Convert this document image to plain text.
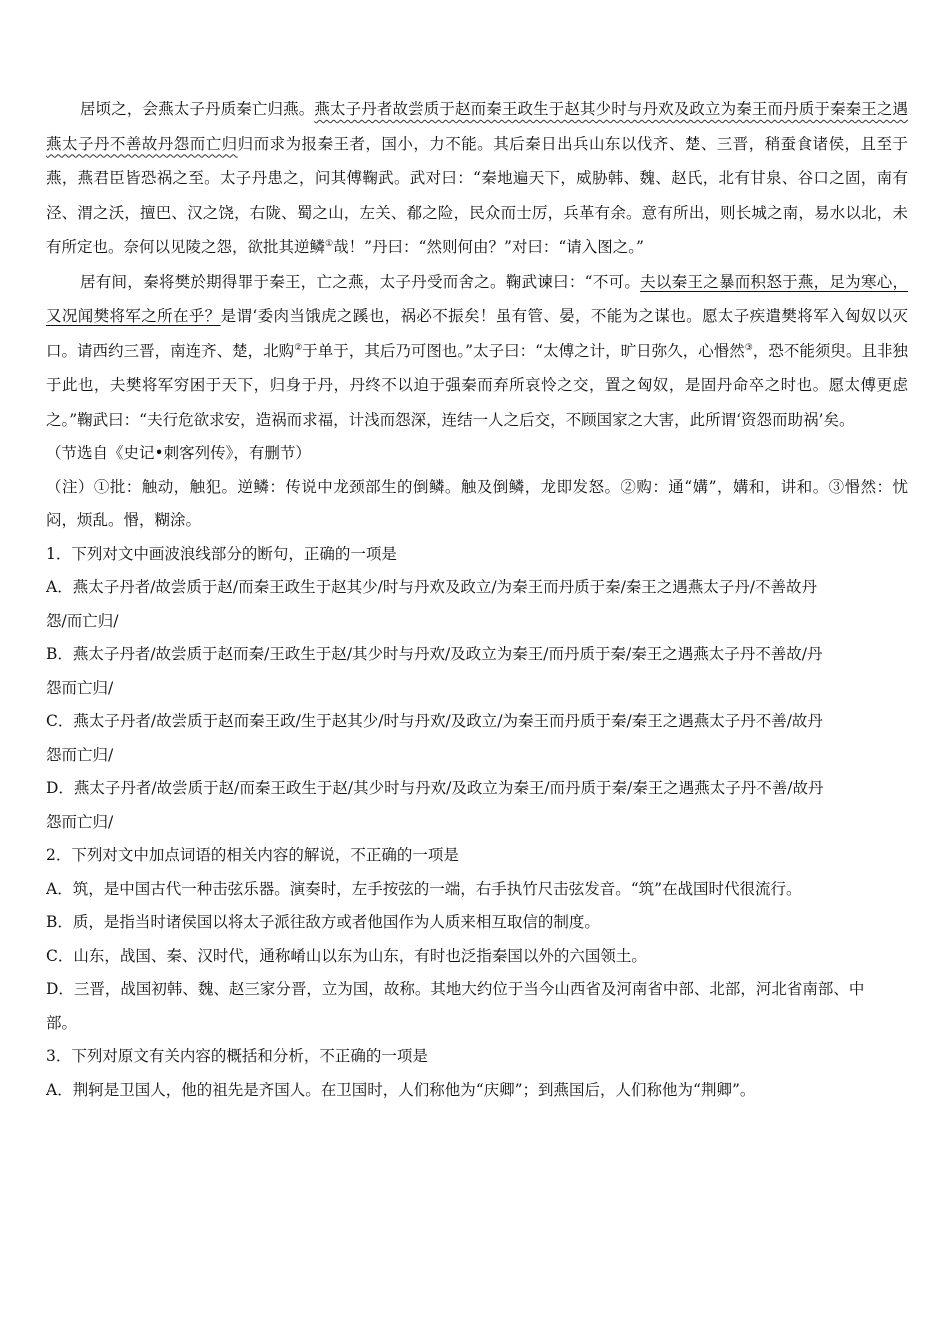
居顷之，会燕太子丹质秦亡归燕。燕太子丹者故尝质于赵而秦王政生于赵其少时与丹欢及政立为秦王而丹质于秦秦王之遇燕太子丹不善故丹怨而亡归归而求为报秦王者，国小，力不能。其后秦日出兵山东以伐齐、楚、三晋，稍蚕食诸侯，且至于燕，燕君臣皆恐祸之至。太子丹患之，问其傅鞠武。武对曰：“秦地遍天下，威胁韩、魏、赵氏，北有甘泉、谷口之固，南有泾、渭之沃，擅巴、汉之饶，右陇、蜀之山，左关、郩之险，民众而士厉，兵革有余。意有所出，则长城之南，易水以北，未有所定也。奈何以见陵之怨，欲批其逆鳞①哉！”丹曰：“然则何由？”对曰：“请入图之。”
居有间，秦将樊於期得罪于秦王，亡之燕，太子丹受而舍之。鞠武谏曰：“不可。夫以秦王之暴而积怒于燕，足为寒心，又况闻樊将军之所在乎？是谓‘委肉当饿虎之蹊也，祸必不振矣！虽有管、晏，不能为之谋也。愿太子疾遣樊将军入匈奴以灭口。请西约三晋，南连齐、楚，北购②于单于，其后乃可图也。”太子曰：“太傅之计，旷日弥久，心惽然③，恐不能须臾。且非独于此也，夫樊将军穷困于天下，归身于丹，丹终不以迫于强秦而弃所哀怜之交，置之匈奴，是固丹命卒之时也。愿太傅更虑之。”鞠武曰：“夫行危欲求安，造祸而求福，计浅而怨深，连结一人之后交，不顾国家之大害，此所谓‘资怨而助祸’矣。
（节选自《史记•刺客列传》，有删节）
（注）①批：触动，触犯。逆鳞：传说中龙颈部生的倒鳞。触及倒鳞，龙即发怒。②购：通“媾”，媾和，讲和。③惽然：忧闷，烦乱。惽，糊涂。
1．下列对文中画波浪线部分的断句，正确的一项是
A．燕太子丹者/故尝质于赵/而秦王政生于赵其少/时与丹欢及政立/为秦王而丹质于秦/秦王之遇燕太子丹/不善故丹
怨/而亡归/
B．燕太子丹者/故尝质于赵而秦/王政生于赵/其少时与丹欢/及政立为秦王/而丹质于秦/秦王之遇燕太子丹不善故/丹
怨而亡归/
C．燕太子丹者/故尝质于赵而秦王政/生于赵其少/时与丹欢/及政立/为秦王而丹质于秦/秦王之遇燕太子丹不善/故丹
怨而亡归/
D．燕太子丹者/故尝质于赵/而秦王政生于赵/其少时与丹欢/及政立为秦王/而丹质于秦/秦王之遇燕太子丹不善/故丹
怨而亡归/
2．下列对文中加点词语的相关内容的解说，不正确的一项是
A．筑，是中国古代一种击弦乐器。演奏时，左手按弦的一端，右手执竹尺击弦发音。“筑”在战国时代很流行。
B．质，是指当时诸侯国以将太子派往敌方或者他国作为人质来相互取信的制度。
C．山东，战国、秦、汉时代，通称崤山以东为山东，有时也泛指秦国以外的六国领土。
D．三晋，战国初韩、魏、赵三家分晋，立为国，故称。其地大约位于当今山西省及河南省中部、北部，河北省南部、中
部。
3．下列对原文有关内容的概括和分析，不正确的一项是
A．荆轲是卫国人，他的祖先是齐国人。在卫国时，人们称他为“庆卿”；到燕国后，人们称他为“荆卿”。
